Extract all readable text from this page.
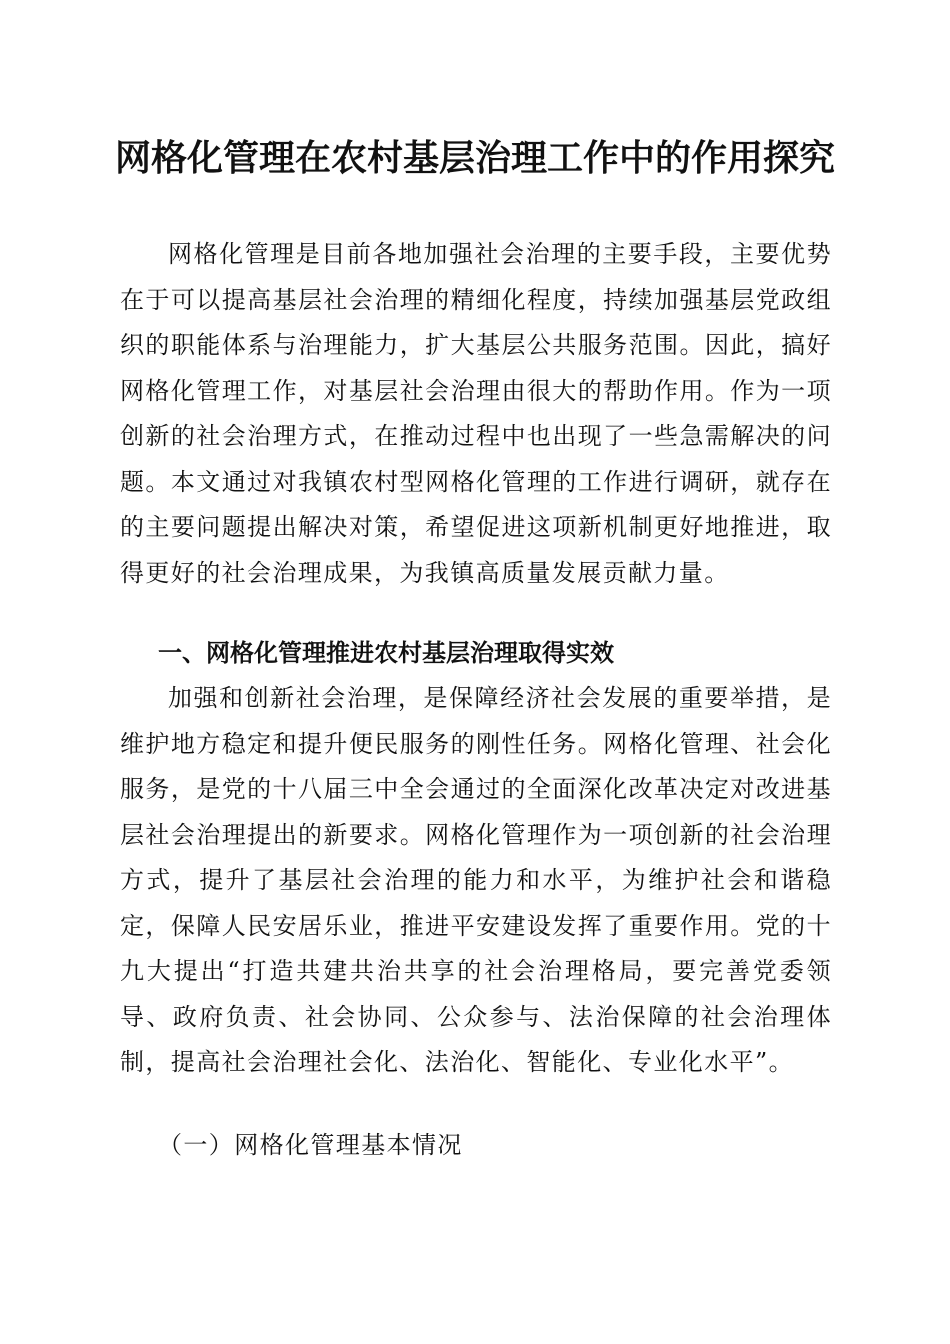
网格化管理在农村基层治理工作中的作用探究
网格化管理是目前各地加强社会治理的主要手段，主要优势在于可以提高基层社会治理的精细化程度，持续加强基层党政组织的职能体系与治理能力，扩大基层公共服务范围。因此，搞好网格化管理工作，对基层社会治理由很大的帮助作用。作为一项创新的社会治理方式，在推动过程中也出现了一些急需解决的问题。本文通过对我镇农村型网格化管理的工作进行调研，就存在的主要问题提出解决对策，希望促进这项新机制更好地推进，取得更好的社会治理成果，为我镇高质量发展贡献力量。
一、网格化管理推进农村基层治理取得实效
加强和创新社会治理，是保障经济社会发展的重要举措，是维护地方稳定和提升便民服务的刚性任务。网格化管理、社会化服务，是党的十八届三中全会通过的全面深化改革决定对改进基层社会治理提出的新要求。网格化管理作为一项创新的社会治理方式，提升了基层社会治理的能力和水平，为维护社会和谐稳定，保障人民安居乐业，推进平安建设发挥了重要作用。党的十九大提出“打造共建共治共享的社会治理格局，要完善党委领导、政府负责、社会协同、公众参与、法治保障的社会治理体制，提高社会治理社会化、法治化、智能化、专业化水平”。
（一）网格化管理基本情况
